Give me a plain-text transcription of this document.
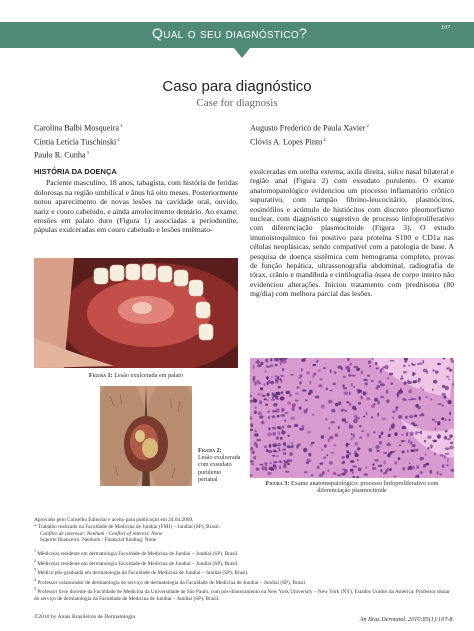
Qual o seu diagnóstico?	107
Caso para diagnóstico
Case for diagnosis
Carolina Balbi Mosqueira$^1$
Cíntia Letícia Tuschinski$^2$
Paulo R. Cunha$^3$
Augusto Frederico de Paula Xavier$^2$
Clóvis A. Lopes Pinto$^4$
HISTÓRIA DA DOENÇA

Paciente masculino, 18 anos, tabagista, com história de feridas dolorosas na região umbilical e ânus há oito meses. Posteriormente notou aparecimento de novas lesões na cavidade oral, ouvido, nariz e couro cabeludo, e ainda amolecimento dentário. Ao exame: erosões em palato duro (Figura 1) associadas a periodontite, pápulas exulceradas em couro cabeludo e lesões entêmato-

exulceradas em orelha externa, axila direita, sulco nasal bilateral e região anal (Figura 2) com exsudato purulento. O exame anatomopatológico evidenciou um processo inflamatório crônico supurativo, com tampão fibrino-leucocitário, plasmócitos, eosinófilos e acúmulo de histiócitos com discreto pleomorfismo nuclear, com diagnóstico sugestivo de processo linfoproliferativo com diferenciação plasmocitoide (Figura 3). O estudo imunoistoquímico foi positivo para proteína S100 e CD1a nas células neoplásicas, sendo compatível com a patologia de base. A pesquisa de doença sistêmica com hemograma completo, provas de função hepática, ultrassonografia abdominal, radiografia de tórax, crânio e mandíbula e cintilografia óssea de corpo inteiro não evidenciou alterações. Iniciou tratamento com prednisona (80 mg/dia) com melhora parcial das lesões.

Figura 1: Lesão exulcerada em palato
Figura 2:
Lesão exulcerada com exsudato purulento perianal
Figura 3: Exame anatomopatológico: processo linfoproliferativo com diferenciação plasmocitoide
Aprovado pelo Conselho Editorial e aceito para publicação em 24.04.2009.
* Trabalho realizado na Faculdade de Medicina de Jundiaí (FMJ) – Jundiaí (SP), Brasil.
Conflito de interesse: Nenhum / Conflict of interest: None
Suporte financeiro: Nenhum / Financial funding: None
$^1$ Médico(a) residente em dermatologia Faculdade de Medicina de Jundiaí – Jundiaí (SP), Brasil.
$^2$ Médico(a) residente em dermatologia Faculdade de Medicina de Jundiaí – Jundiaí (SP), Brasil.
$^3$ Médico pós-graduada em dermatologia da Faculdade de Medicina de Jundiaí – Jundiaí (SP), Brasil.
$^4$ Professor colaborador de dermatologia do serviço de dermatologia da Faculdade de Medicina de Jundiaí – Jundiaí (SP), Brasil.
$^5$ Professor livre docente da Faculdade de Medicina da Universidade de São Paulo, com pós-doutoramento na New York University – New York (NY), Estados Unidos da América. Professor titular do serviço de dermatologia da Faculdade de Medicina de Jundiaí – Jundiaí (SP), Brasil.
©2010 by Anais Brasileiros de Dermatologia	An Bras Dermatol. 2010;85(1):107-8.
